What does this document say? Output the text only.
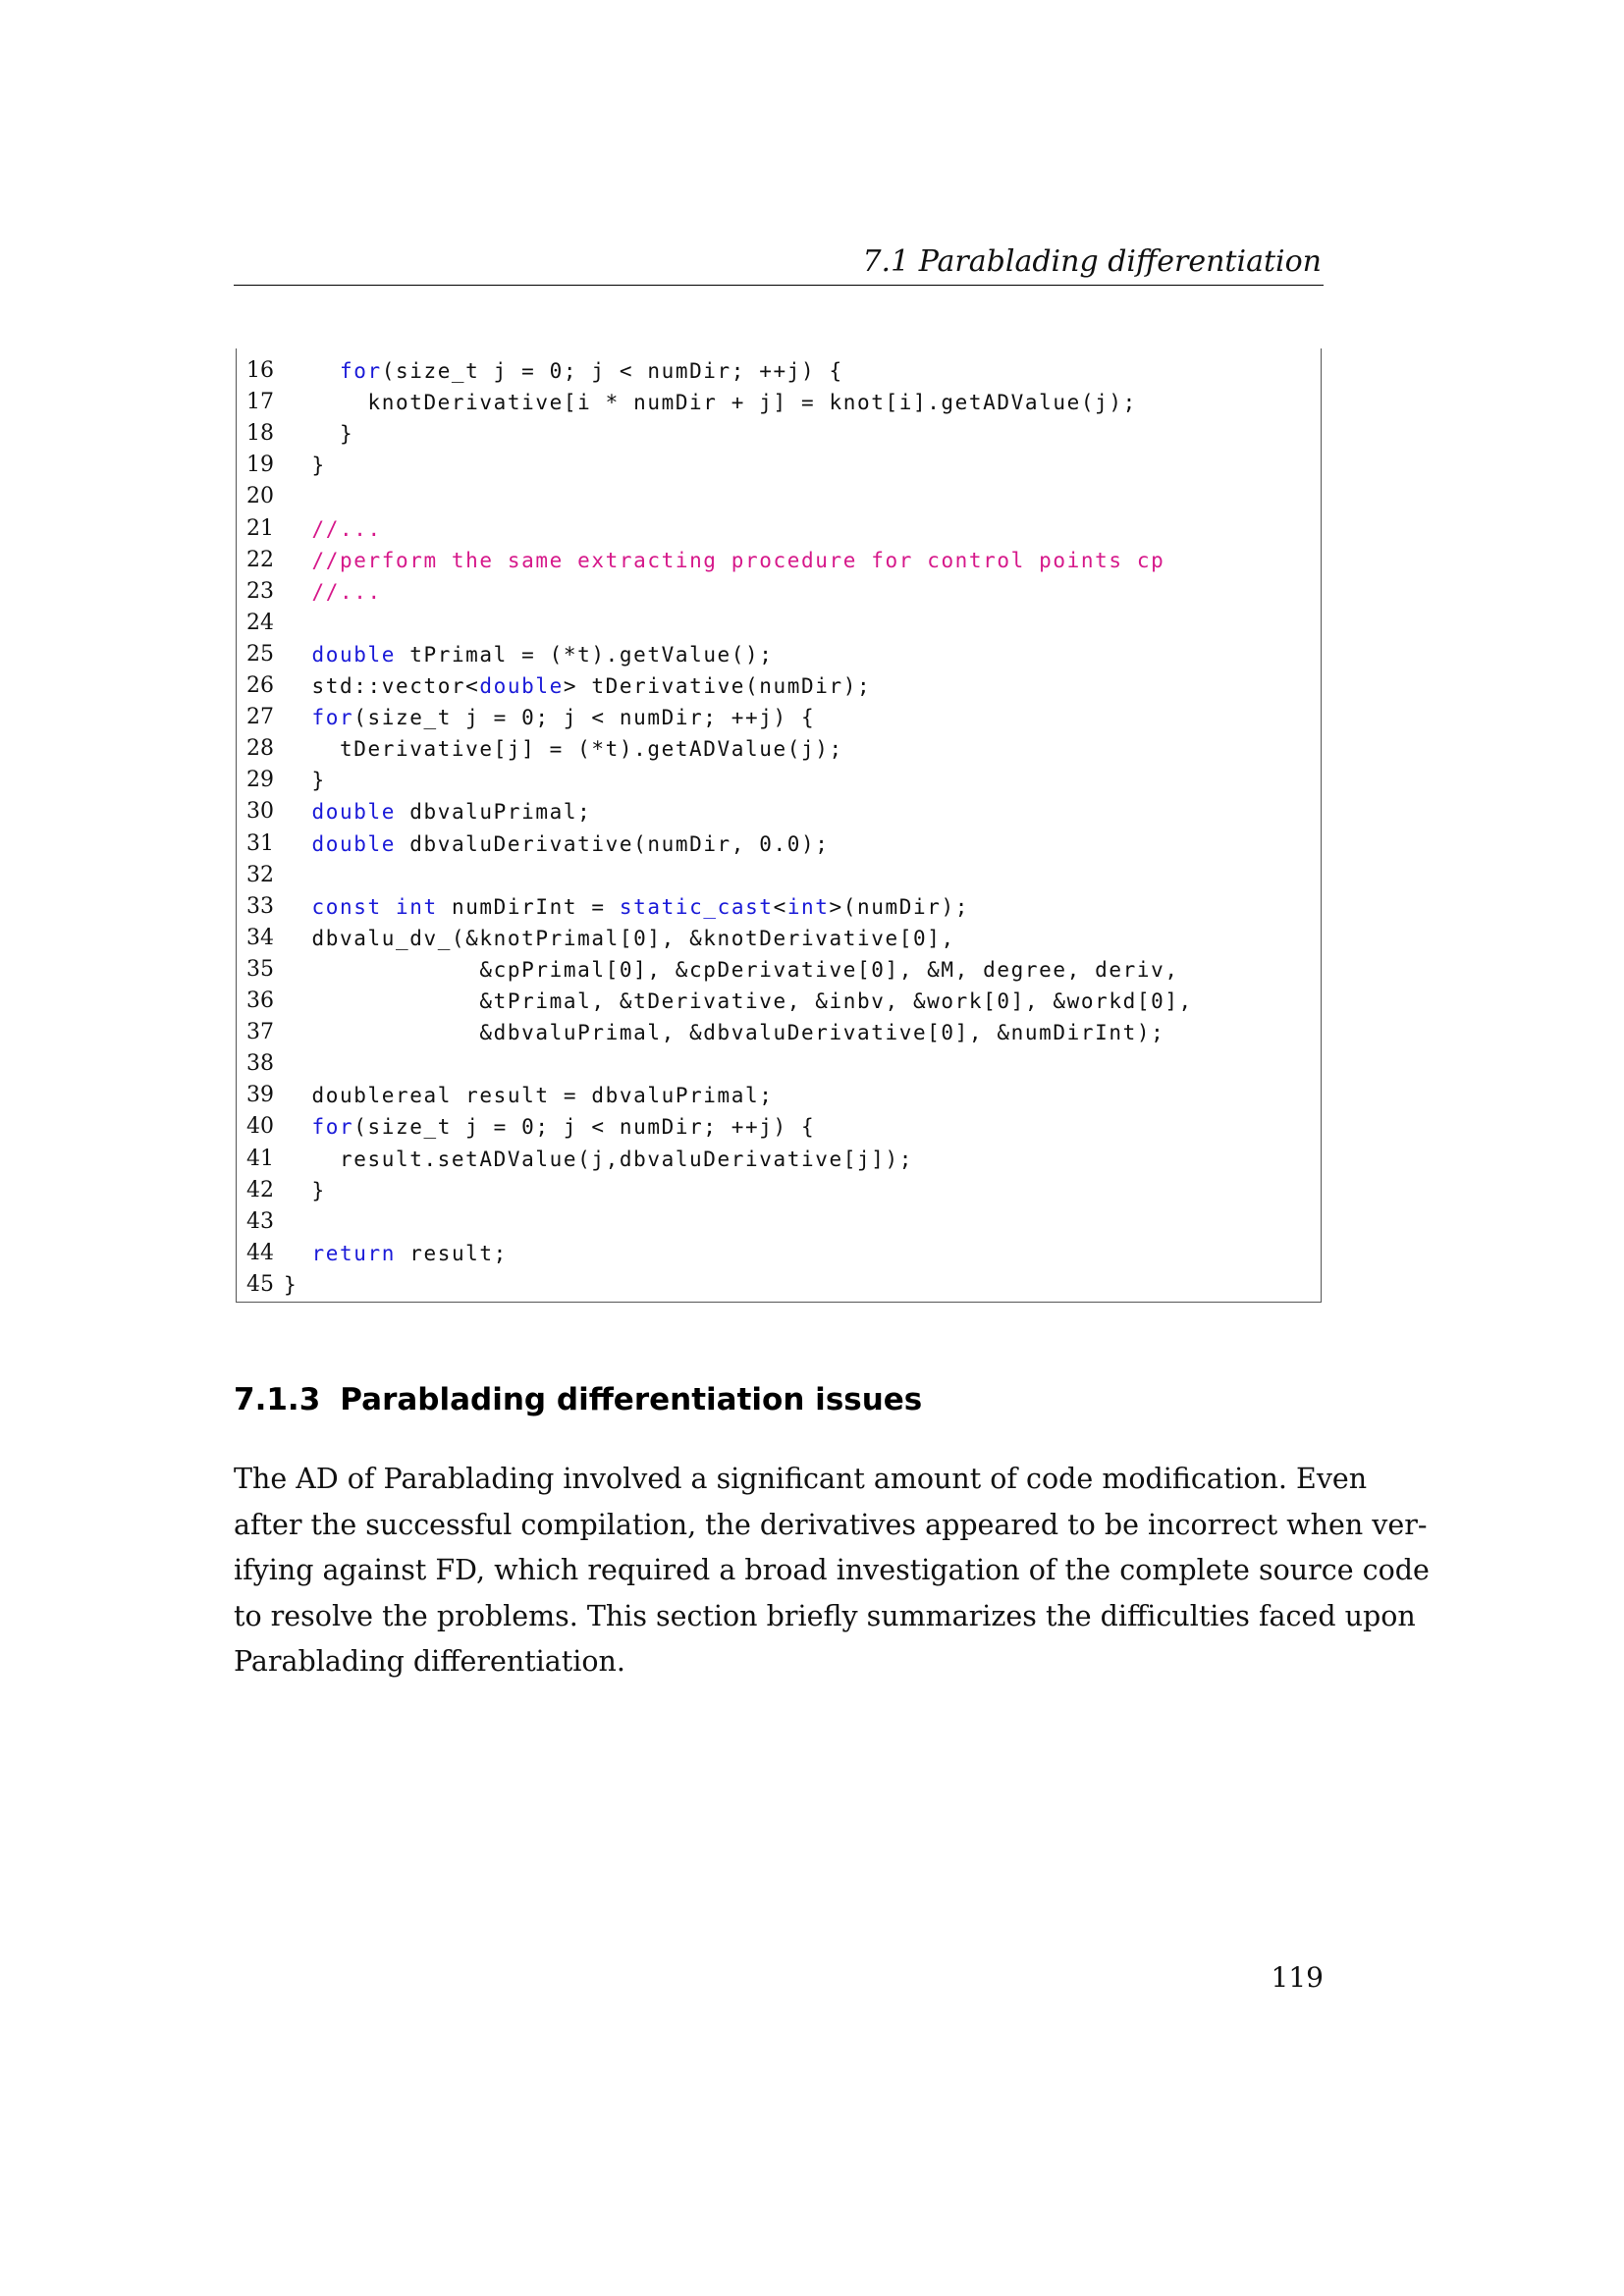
7.1 Parablading differentiation
16	for(size_t j = 0; j < numDir; ++j) {
17	knotDerivative[i * numDir + j] = knot[i].getADValue(j);
18	}
19	}
20
21	//...
22	//perform the same extracting procedure for control points cp
23	//...
24
25	double tPrimal = (*t).getValue();
26	std::vector<double> tDerivative(numDir);
27	for(size_t j = 0; j < numDir; ++j) {
28	tDerivative[j] = (*t).getADValue(j);
29	}
30	double dbvaluPrimal;
31	double dbvaluDerivative(numDir, 0.0);
32
33	const int numDirInt = static_cast<int>(numDir);
34	dbvalu_dv_(&knotPrimal[0], &knotDerivative[0],
35	&cpPrimal[0], &cpDerivative[0], &M, degree, deriv,
36	&tPrimal, &tDerivative, &inbv, &work[0], &workd[0],
37	&dbvaluPrimal, &dbvaluDerivative[0], &numDirInt);
38
39	doublereal result = dbvaluPrimal;
40	for(size_t j = 0; j < numDir; ++j) {
41	result.setADValue(j,dbvaluDerivative[j]);
42	}
43
44	return result;
45 }
7.1.3 Parablading differentiation issues
The AD of Parablading involved a significant amount of code modification. Even
after the successful compilation, the derivatives appeared to be incorrect when ver-
ifying against FD, which required a broad investigation of the complete source code
to resolve the problems. This section briefly summarizes the difficulties faced upon
Parablading differentiation.
119
